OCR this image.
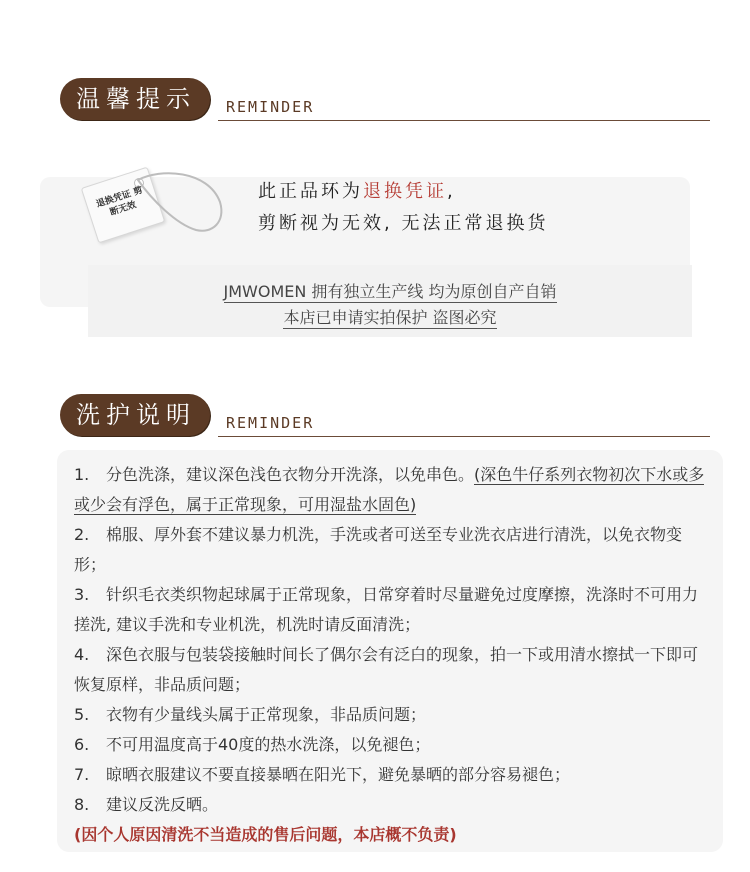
温馨提示	REMINDER
退换凭证 剪断无效
此正品环为退换凭证,
剪断视为无效, 无法正常退换货
JMWOMEN 拥有独立生产线 均为原创自产自销
本店已申请实拍保护 盗图必究
洗护说明	REMINDER
1. 分色洗涤，建议深色浅色衣物分开洗涤，以免串色。(深色牛仔系列衣物初次下水或多或少会有浮色，属于正常现象，可用湿盐水固色)
2. 棉服、厚外套不建议暴力机洗，手洗或者可送至专业洗衣店进行清洗，以免衣物变形；
3. 针织毛衣类织物起球属于正常现象，日常穿着时尽量避免过度摩擦，洗涤时不可用力搓洗, 建议手洗和专业机洗，机洗时请反面清洗；
4. 深色衣服与包装袋接触时间长了偶尔会有泛白的现象，拍一下或用清水擦拭一下即可恢复原样，非品质问题；
5. 衣物有少量线头属于正常现象，非品质问题；
6. 不可用温度高于40度的热水洗涤，以免褪色；
7. 晾晒衣服建议不要直接暴晒在阳光下，避免暴晒的部分容易褪色；
8. 建议反洗反晒。
(因个人原因清洗不当造成的售后问题，本店概不负责)
